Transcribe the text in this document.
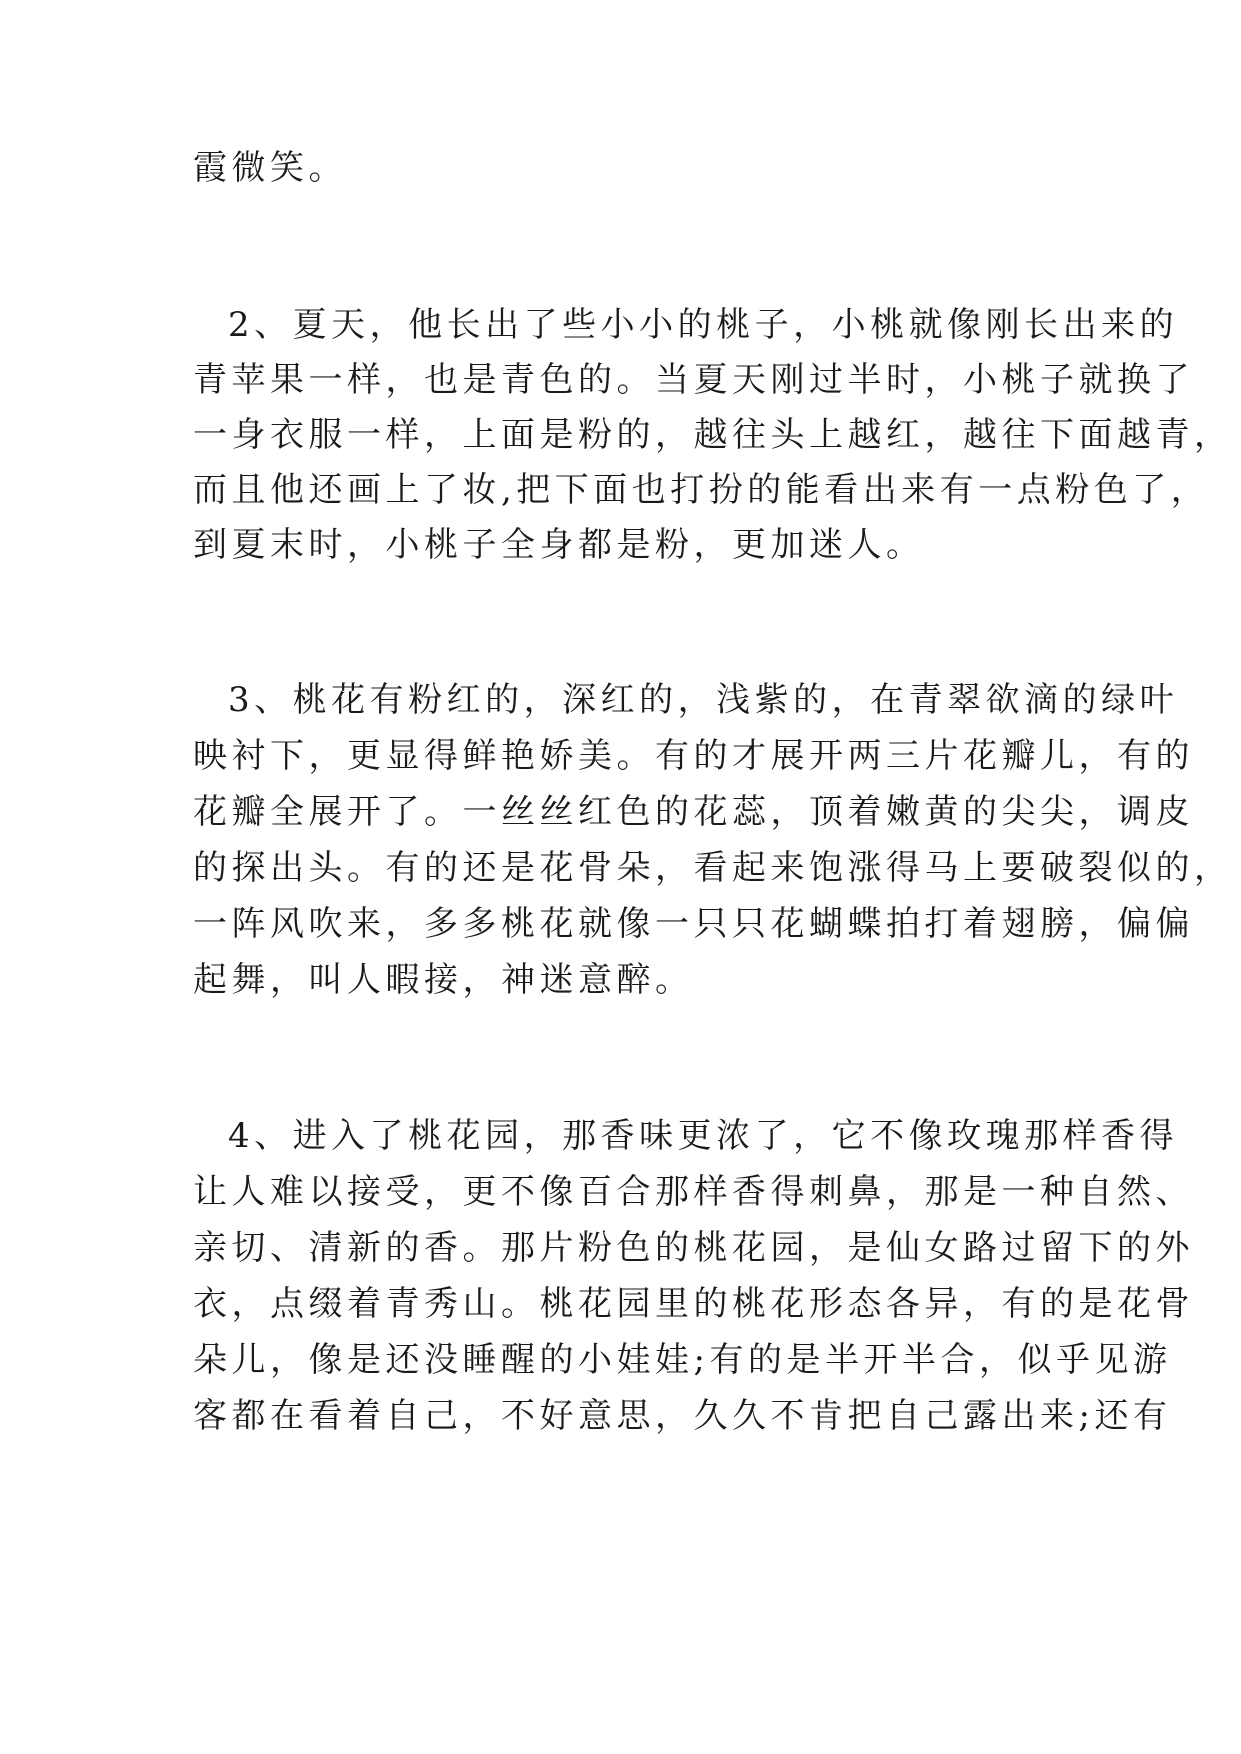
霞微笑。

2、夏天，他长出了些小小的桃子，小桃就像刚长出来的

青苹果一样，也是青色的。当夏天刚过半时，小桃子就换了

一身衣服一样，上面是粉的，越往头上越红，越往下面越青，

而且他还画上了妆,把下面也打扮的能看出来有一点粉色了，

到夏末时，小桃子全身都是粉，更加迷人。

3、桃花有粉红的，深红的，浅紫的，在青翠欲滴的绿叶

映衬下，更显得鲜艳娇美。有的才展开两三片花瓣儿，有的

花瓣全展开了。一丝丝红色的花蕊，顶着嫩黄的尖尖，调皮

的探出头。有的还是花骨朵，看起来饱涨得马上要破裂似的，

一阵风吹来，多多桃花就像一只只花蝴蝶拍打着翅膀，偏偏

起舞，叫人暇接，神迷意醉。

4、进入了桃花园，那香味更浓了，它不像玫瑰那样香得

让人难以接受，更不像百合那样香得刺鼻，那是一种自然、

亲切、清新的香。那片粉色的桃花园，是仙女路过留下的外

衣，点缀着青秀山。桃花园里的桃花形态各异，有的是花骨

朵儿，像是还没睡醒的小娃娃;有的是半开半合，似乎见游

客都在看着自己，不好意思，久久不肯把自己露出来;还有
